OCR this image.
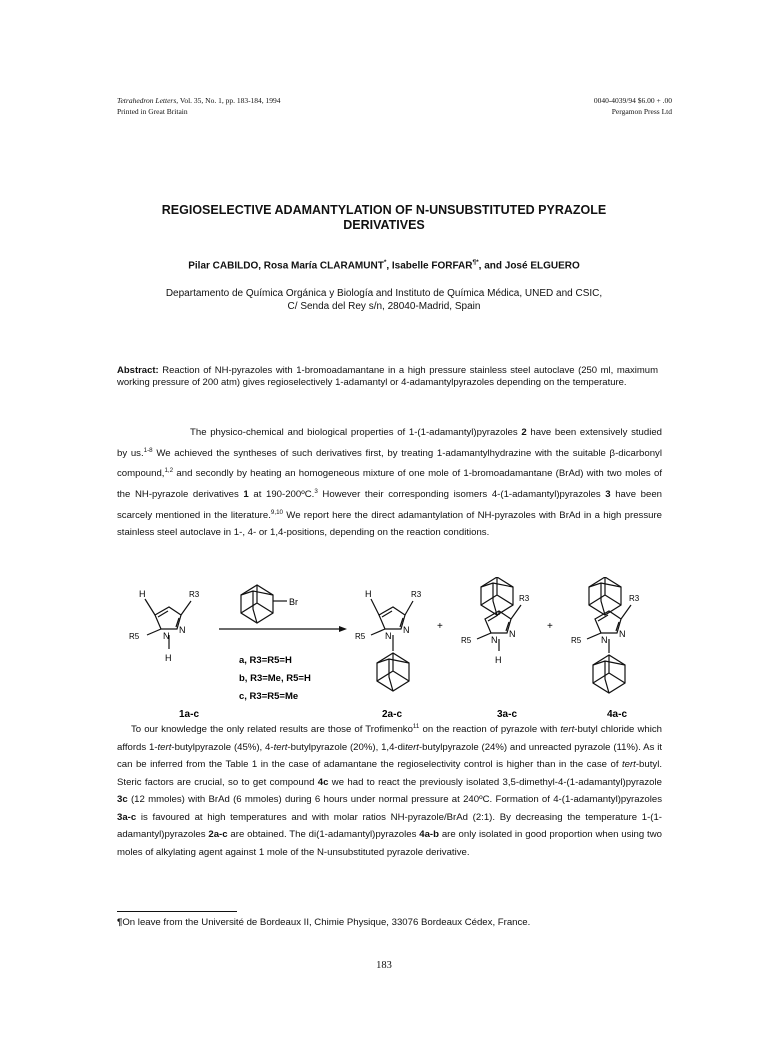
Tetrahedron Letters, Vol. 35, No. 1, pp. 183-184, 1994
Printed in Great Britain
0040-4039/94 $6.00 + .00
Pergamon Press Ltd
REGIOSELECTIVE ADAMANTYLATION OF N-UNSUBSTITUTED PYRAZOLE
DERIVATIVES
Pilar CABILDO, Rosa María CLARAMUNT*, Isabelle FORFAR¶*, and José ELGUERO
Departamento de Química Orgánica y Biología and Instituto de Química Médica, UNED and CSIC,
C/ Senda del Rey s/n, 28040-Madrid, Spain
Abstract: Reaction of NH-pyrazoles with 1-bromoadamantane in a high pressure stainless steel autoclave (250 ml, maximum working pressure of 200 atm) gives regioselectively 1-adamantyl or 4-adamantylpyrazoles depending on the temperature.
The physico-chemical and biological properties of 1-(1-adamantyl)pyrazoles 2 have been extensively studied by us.$^{1-8}$ We achieved the syntheses of such derivatives first, by treating 1-adamantylhydrazine with the suitable β-dicarbonyl compound,$^{1,2}$ and secondly by heating an homogeneous mixture of one mole of 1-bromoadamantane (BrAd) with two moles of the NH-pyrazole derivatives 1 at 190-200ºC.$^3$ However their corresponding isomers 4-(1-adamantyl)pyrazoles 3 have been scarcely mentioned in the literature.$^{9,10}$ We report here the direct adamantylation of NH-pyrazoles with BrAd in a high pressure stainless steel autoclave in 1-, 4- or 1,4-positions, depending on the reaction conditions.
H	R3
R5	N
N
H
Br
a, R3=R5=H
b, R3=Me, R5=H
c, R3=R5=Me
H	R3
R5 N
N	+
R3
R5 N
N
H
+
R3
R5 N
N
1a-c	2a-c	3a-c	4a-c
To our knowledge the only related results are those of Trofimenko$^{11}$ on the reaction of pyrazole with tert-butyl chloride which affords 1-tert-butylpyrazole (45%), 4-tert-butylpyrazole (20%), 1,4-ditert-butylpyrazole (24%) and unreacted pyrazole (11%). As it can be inferred from the Table 1 in the case of adamantane the regioselectivity control is higher than in the case of tert-butyl. Steric factors are crucial, so to get compound 4c we had to react the previously isolated 3,5-dimethyl-4-(1-adamantyl)pyrazole 3c (12 mmoles) with BrAd (6 mmoles) during 6 hours under normal pressure at 240ºC. Formation of 4-(1-adamantyl)pyrazoles 3a-c is favoured at high temperatures and with molar ratios NH-pyrazole/BrAd (2:1). By decreasing the temperature 1-(1-adamantyl)pyrazoles 2a-c are obtained. The di(1-adamantyl)pyrazoles 4a-b are only isolated in good proportion when using two moles of alkylating agent against 1 mole of the N-unsubstituted pyrazole derivative.
¶On leave from the Université de Bordeaux II, Chimie Physique, 33076 Bordeaux Cédex, France.
183
